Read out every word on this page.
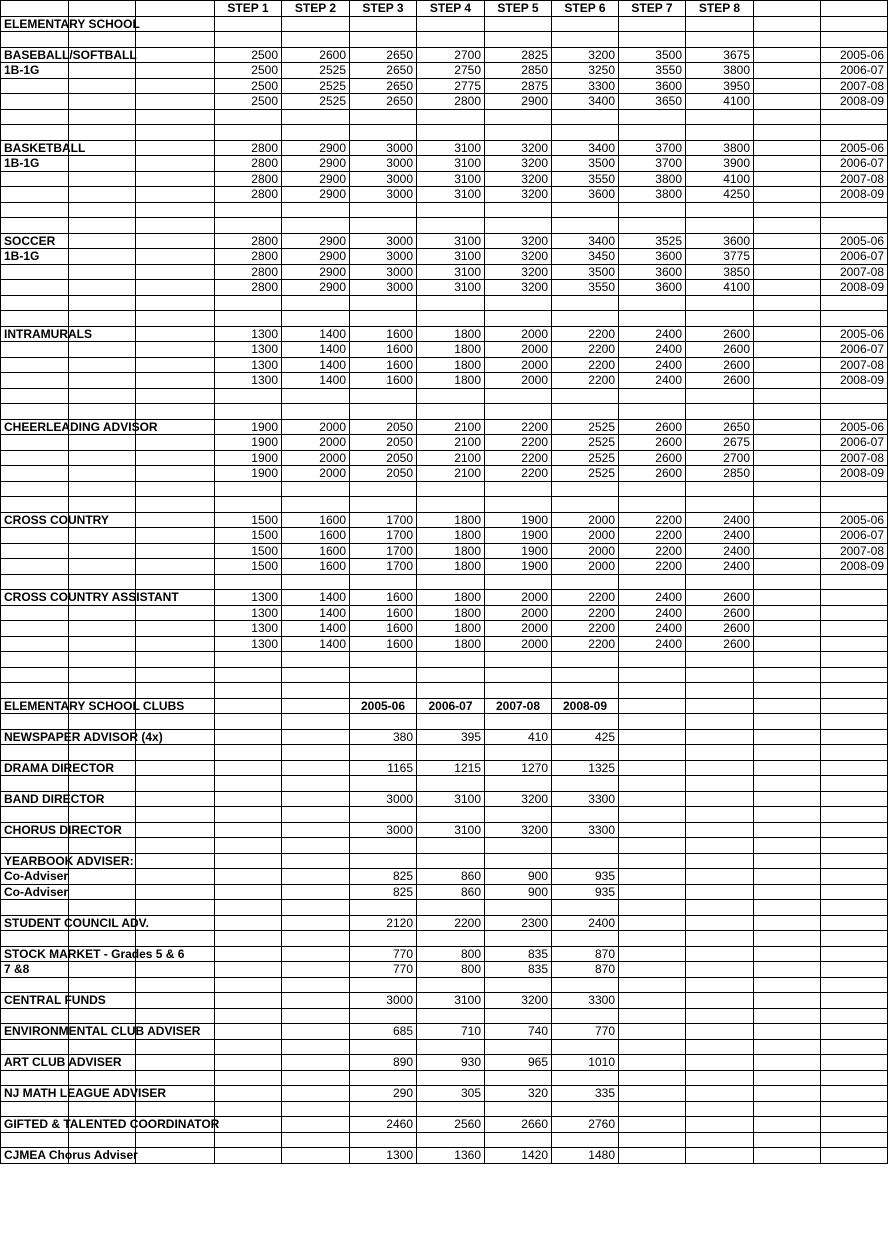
			STEP 1	STEP 2	STEP 3	STEP 4	STEP 5	STEP 6	STEP 7	STEP 8		
ELEMENTARY SCHOOL												

BASEBALL/SOFTBALL			2500	2600	2650	2700	2825	3200	3500	3675		2005-06
1B-1G			2500	2525	2650	2750	2850	3250	3550	3800		2006-07
			2500	2525	2650	2775	2875	3300	3600	3950		2007-08
			2500	2525	2650	2800	2900	3400	3650	4100		2008-09

BASKETBALL			2800	2900	3000	3100	3200	3400	3700	3800		2005-06
1B-1G			2800	2900	3000	3100	3200	3500	3700	3900		2006-07
			2800	2900	3000	3100	3200	3550	3800	4100		2007-08
			2800	2900	3000	3100	3200	3600	3800	4250		2008-09

SOCCER			2800	2900	3000	3100	3200	3400	3525	3600		2005-06
1B-1G			2800	2900	3000	3100	3200	3450	3600	3775		2006-07
			2800	2900	3000	3100	3200	3500	3600	3850		2007-08
			2800	2900	3000	3100	3200	3550	3600	4100		2008-09

INTRAMURALS			1300	1400	1600	1800	2000	2200	2400	2600		2005-06
			1300	1400	1600	1800	2000	2200	2400	2600		2006-07
			1300	1400	1600	1800	2000	2200	2400	2600		2007-08
			1300	1400	1600	1800	2000	2200	2400	2600		2008-09

CHEERLEADING ADVISOR			1900	2000	2050	2100	2200	2525	2600	2650		2005-06
			1900	2000	2050	2100	2200	2525	2600	2675		2006-07
			1900	2000	2050	2100	2200	2525	2600	2700		2007-08
			1900	2000	2050	2100	2200	2525	2600	2850		2008-09

CROSS COUNTRY			1500	1600	1700	1800	1900	2000	2200	2400		2005-06
			1500	1600	1700	1800	1900	2000	2200	2400		2006-07
			1500	1600	1700	1800	1900	2000	2200	2400		2007-08
			1500	1600	1700	1800	1900	2000	2200	2400		2008-09

CROSS COUNTRY ASSISTANT			1300	1400	1600	1800	2000	2200	2400	2600		
			1300	1400	1600	1800	2000	2200	2400	2600		
			1300	1400	1600	1800	2000	2200	2400	2600		
			1300	1400	1600	1800	2000	2200	2400	2600		

ELEMENTARY SCHOOL CLUBS					2005-06	2006-07	2007-08	2008-09				

NEWSPAPER ADVISOR (4x)					380	395	410	425				

DRAMA DIRECTOR					1165	1215	1270	1325				

BAND DIRECTOR					3000	3100	3200	3300				

CHORUS DIRECTOR					3000	3100	3200	3300				

YEARBOOK ADVISER:												
Co-Adviser					825	860	900	935				
Co-Adviser					825	860	900	935				

STUDENT COUNCIL ADV.					2120	2200	2300	2400				

STOCK MARKET - Grades 5 & 6					770	800	835	870				
7 &8					770	800	835	870				

CENTRAL FUNDS					3000	3100	3200	3300				

ENVIRONMENTAL CLUB ADVISER					685	710	740	770				

ART CLUB ADVISER					890	930	965	1010				

NJ MATH LEAGUE ADVISER					290	305	320	335				

GIFTED & TALENTED COORDINATOR					2460	2560	2660	2760				

CJMEA Chorus Adviser					1300	1360	1420	1480				
